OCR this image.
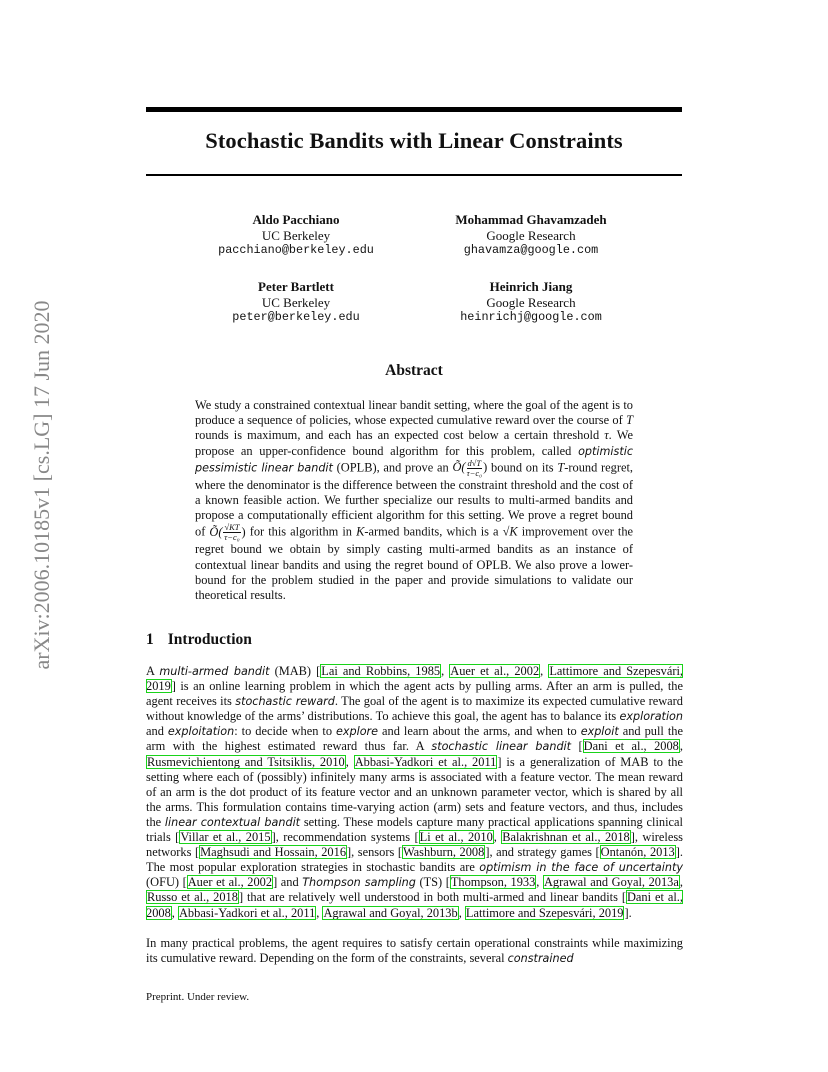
arXiv:2006.10185v1 [cs.LG] 17 Jun 2020
Stochastic Bandits with Linear Constraints
Aldo Pacchiano
UC Berkeley
pacchiano@berkeley.edu
Mohammad Ghavamzadeh
Google Research
ghavamza@google.com
Peter Bartlett
UC Berkeley
peter@berkeley.edu
Heinrich Jiang
Google Research
heinrichj@google.com
Abstract

We study a constrained contextual linear bandit setting, where the goal of the agent is to produce a sequence of policies, whose expected cumulative reward over the course of T rounds is maximum, and each has an expected cost below a certain threshold τ. We propose an upper-confidence bound algorithm for this problem, called optimistic pessimistic linear bandit (OPLB), and prove an Õ( $\frac{d√T}{\text{τ−c₀}}$ ) bound on its T-round regret, where the denominator is the difference between the constraint threshold and the cost of a known feasible action. We further specialize our results to multi-armed bandits and propose a computationally efficient algorithm for this setting. We prove a regret bound of Õ( $\frac{√KT}{\text{τ−c₀}}$ ) for this algorithm in K-armed bandits, which is a √K improvement over the regret bound we obtain by simply casting multi-armed bandits as an instance of contextual linear bandits and using the regret bound of OPLB. We also prove a lower-bound for the problem studied in the paper and provide simulations to validate our theoretical results.

1 Introduction

A multi-armed bandit (MAB) [Lai and Robbins, 1985, Auer et al., 2002, Lattimore and Szepesvári, 2019] is an online learning problem in which the agent acts by pulling arms. After an arm is pulled, the agent receives its stochastic reward. The goal of the agent is to maximize its expected cumulative reward without knowledge of the arms’ distributions. To achieve this goal, the agent has to balance its exploration and exploitation: to decide when to explore and learn about the arms, and when to exploit and pull the arm with the highest estimated reward thus far. A stochastic linear bandit [Dani et al., 2008, Rusmevichientong and Tsitsiklis, 2010, Abbasi-Yadkori et al., 2011] is a generalization of MAB to the setting where each of (possibly) infinitely many arms is associated with a feature vector. The mean reward of an arm is the dot product of its feature vector and an unknown parameter vector, which is shared by all the arms. This formulation contains time-varying action (arm) sets and feature vectors, and thus, includes the linear contextual bandit setting. These models capture many practical applications spanning clinical trials [Villar et al., 2015], recommendation systems [Li et al., 2010, Balakrishnan et al., 2018], wireless networks [Maghsudi and Hossain, 2016], sensors [Washburn, 2008], and strategy games [Ontanón, 2013]. The most popular exploration strategies in stochastic bandits are optimism in the face of uncertainty (OFU) [Auer et al., 2002] and Thompson sampling (TS) [Thompson, 1933, Agrawal and Goyal, 2013a, Russo et al., 2018] that are relatively well understood in both multi-armed and linear bandits [Dani et al., 2008, Abbasi-Yadkori et al., 2011, Agrawal and Goyal, 2013b, Lattimore and Szepesvári, 2019].

In many practical problems, the agent requires to satisfy certain operational constraints while maximizing its cumulative reward. Depending on the form of the constraints, several constrained

Preprint. Under review.
